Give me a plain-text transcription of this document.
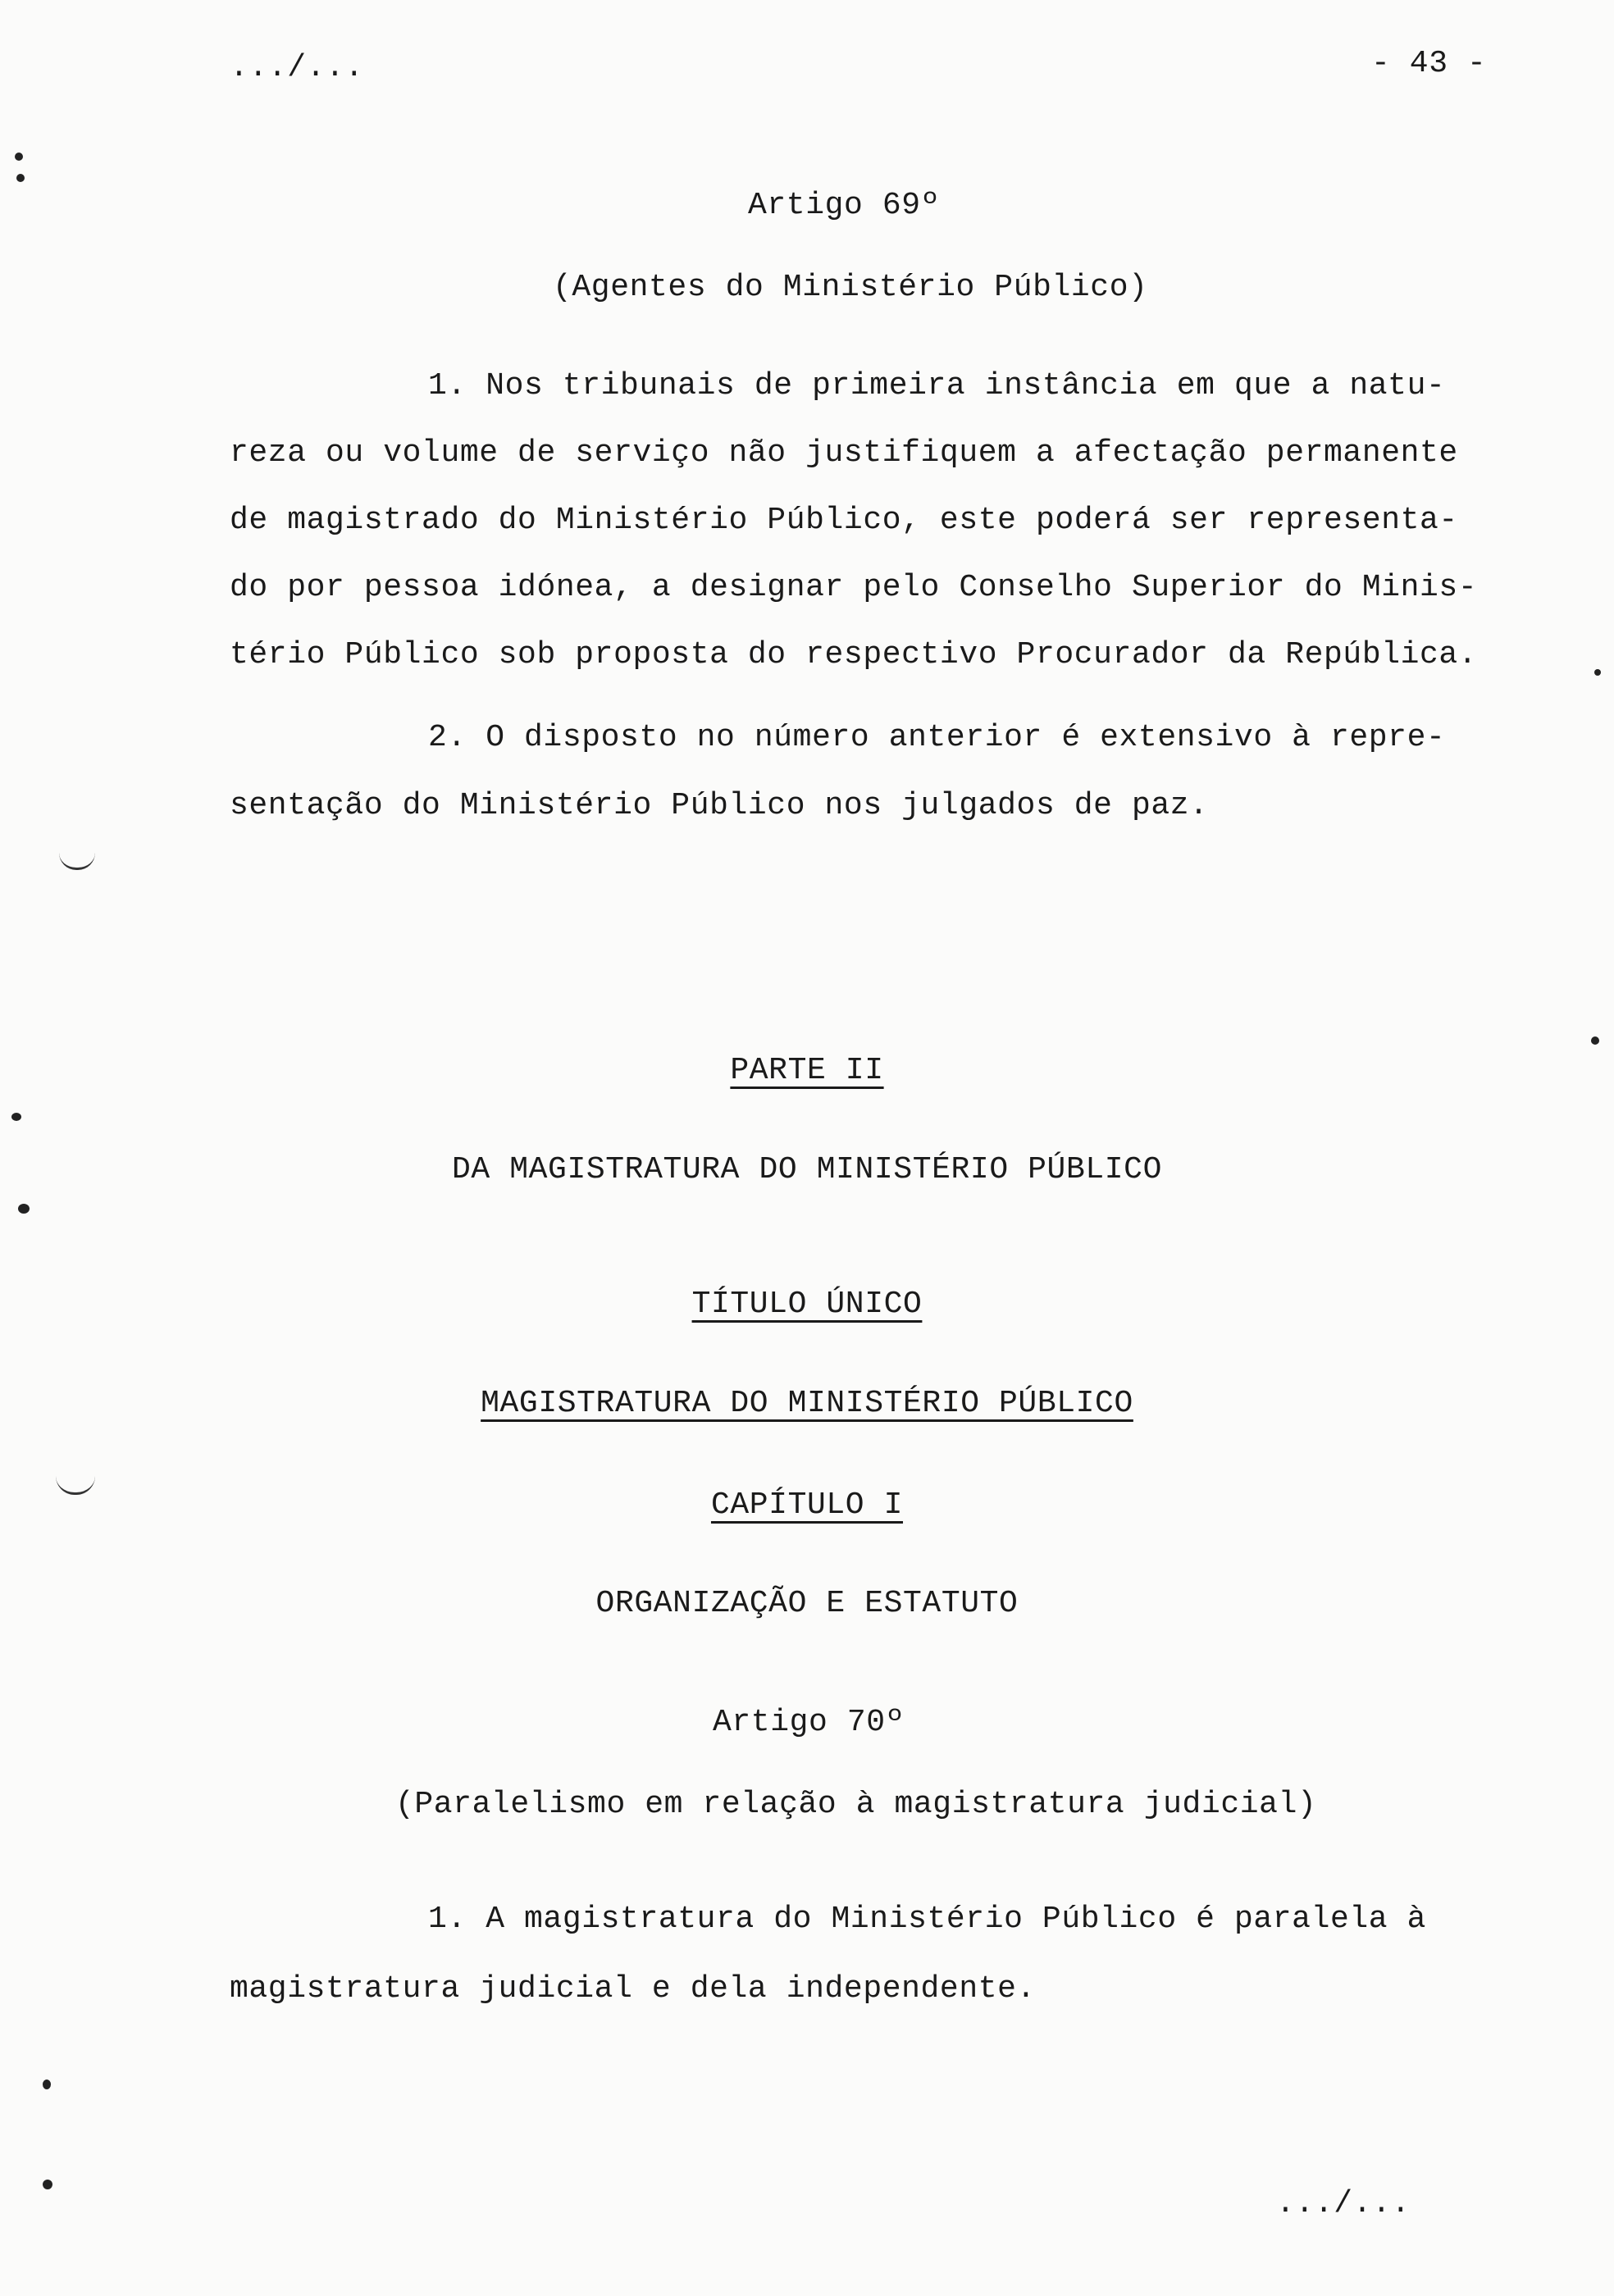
.../...	- 43 -
Artigo 69º
(Agentes do Ministério Público)
1. Nos tribunais de primeira instância em que a natu-
reza ou volume de serviço não justifiquem a afectação permanente
de magistrado do Ministério Público, este poderá ser representa-
do por pessoa idónea, a designar pelo Conselho Superior do Minis-
tério Público sob proposta do respectivo Procurador da República.
2. O disposto no número anterior é extensivo à repre-
sentação do Ministério Público nos julgados de paz.
PARTE II
DA MAGISTRATURA DO MINISTÉRIO PÚBLICO
TÍTULO ÚNICO
MAGISTRATURA DO MINISTÉRIO PÚBLICO
CAPÍTULO I
ORGANIZAÇÃO E ESTATUTO
Artigo 70º
(Paralelismo em relação à magistratura judicial)
1. A magistratura do Ministério Público é paralela à
magistratura judicial e dela independente.
.../...
